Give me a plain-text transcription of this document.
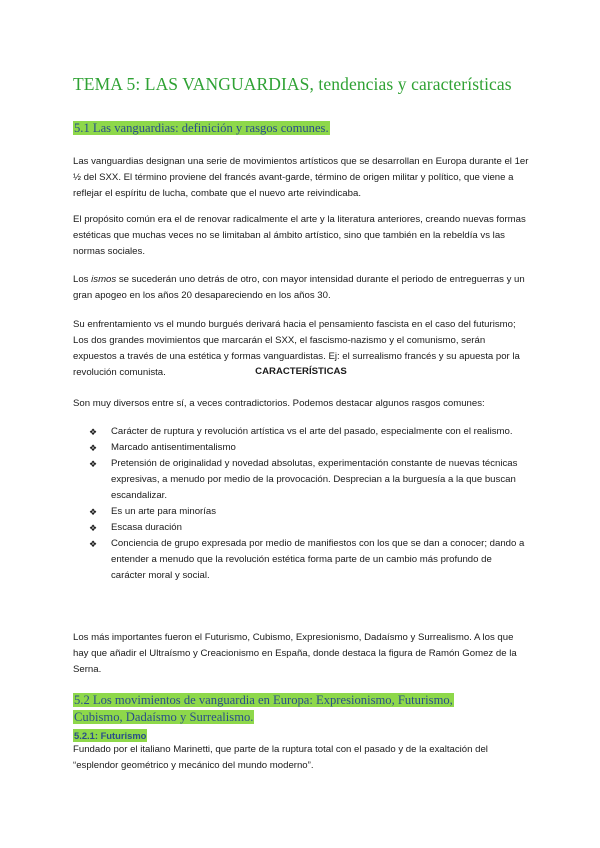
TEMA 5: LAS VANGUARDIAS, tendencias y características
5.1 Las vanguardias: definición y rasgos comunes.
Las vanguardias designan una serie de movimientos artísticos que se desarrollan en Europa durante el 1er ½ del SXX. El término proviene del francés avant-garde, término de origen militar y político, que viene a reflejar el espíritu de lucha, combate que el nuevo arte reivindicaba.
El propósito común era el de renovar radicalmente el arte y la literatura anteriores, creando nuevas formas estéticas que muchas veces no se limitaban al ámbito artístico, sino que también en la rebeldía vs las normas sociales.
Los ismos se sucederán uno detrás de otro, con mayor intensidad durante el periodo de entreguerras y un gran apogeo en los años 20 desapareciendo en los años 30.
Su enfrentamiento vs el mundo burgués derivará hacia el pensamiento fascista en el caso del futurismo; Los dos grandes movimientos que marcarán el SXX, el fascismo-nazismo y el comunismo, serán expuestos a través de una estética y formas vanguardistas. Ej: el surrealismo francés y su apuesta por la revolución comunista.	CARACTERÍSTICAS
Son muy diversos entre sí, a veces contradictorios. Podemos destacar algunos rasgos comunes:
❖ Carácter de ruptura y revolución artística vs el arte del pasado, especialmente con el realismo.
❖ Marcado antisentimentalismo
❖ Pretensión de originalidad y novedad absolutas, experimentación constante de nuevas técnicas expresivas, a menudo por medio de la provocación. Desprecian a la burguesía a la que buscan escandalizar.
❖ Es un arte para minorías
❖ Escasa duración
❖ Conciencia de grupo expresada por medio de manifiestos con los que se dan a conocer; dando a entender a menudo que la revolución estética forma parte de un cambio más profundo de carácter moral y social.
Los más importantes fueron el Futurismo, Cubismo, Expresionismo, Dadaísmo y Surrealismo. A los que hay que añadir el Ultraísmo y Creacionismo en España, donde destaca la figura de Ramón Gomez de la Serna.
5.2 Los movimientos de vanguardia en Europa: Expresionismo, Futurismo, Cubismo, Dadaísmo y Surrealismo.
5.2.1: Futurismo
Fundado por el italiano Marinetti, que parte de la ruptura total con el pasado y de la exaltación del “esplendor geométrico y mecánico del mundo moderno”.
